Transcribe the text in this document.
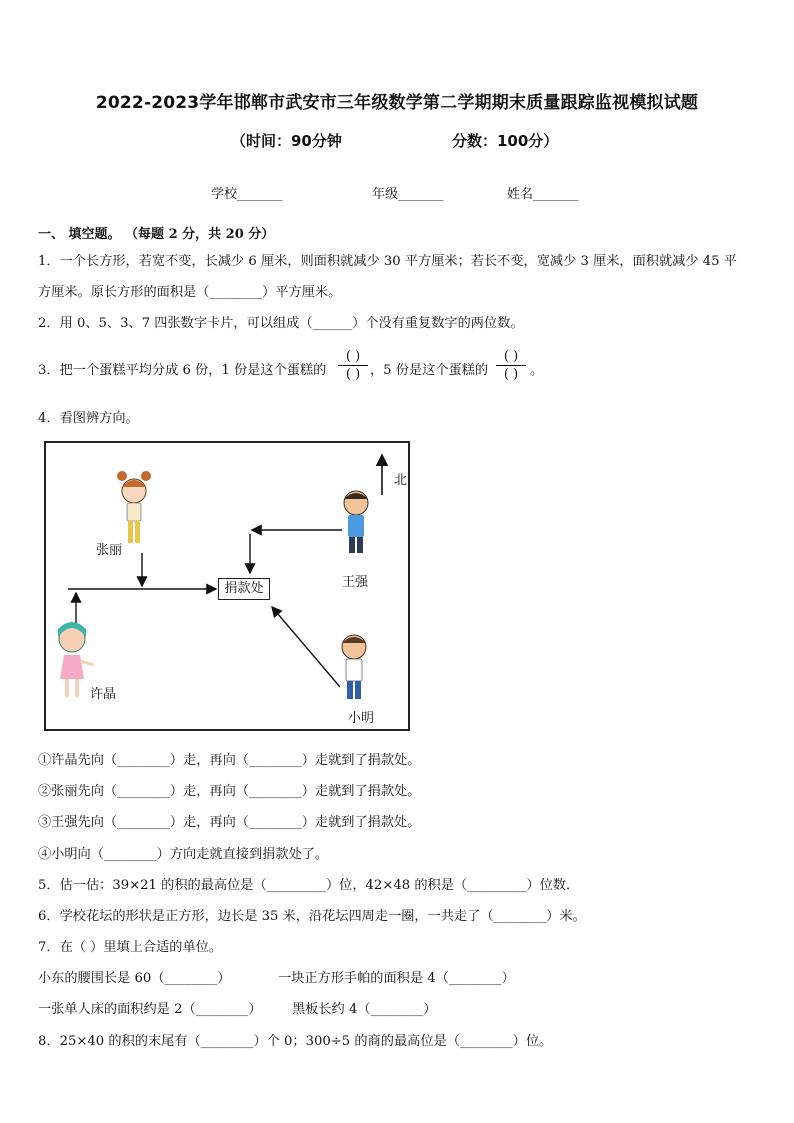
2022-2023学年邯郸市武安市三年级数学第二学期期末质量跟踪监视模拟试题
（时间：90分钟	分数：100分）
学校_______	年级_______	姓名_______
一、 填空题。 （每题 2 分，共 20 分）
1．一个长方形，若宽不变，长减少 6 厘米，则面积就减少 30 平方厘米；若长不变，宽减少 3 厘米，面积就减少 45 平
方厘米。原长方形的面积是（________）平方厘米。
2．用 0、5、3、7 四张数字卡片，可以组成（______）个没有重复数字的两位数。
3．把一个蛋糕平均分成 6 份，1 份是这个蛋糕的
( )
( ) ，5 份是这个蛋糕的
( )
( ) 。
4．看图辨方向。
北
张丽
王强
许晶
小明
捐款处
①许晶先向（________）走，再向（________）走就到了捐款处。
②张丽先向（________）走，再向（________）走就到了捐款处。
③王强先向（________）走，再向（________）走就到了捐款处。
④小明向（________）方向走就直接到捐款处了。
5．估一估：39×21 的积的最高位是（_________）位，42×48 的积是（_________）位数．
6．学校花坛的形状是正方形，边长是 35 米，沿花坛四周走一圈，一共走了（________）米。
7．在（ ）里填上合适的单位。
小东的腰围长是 60（________）	一块正方形手帕的面积是 4（________）
一张单人床的面积约是 2（________） 黑板长约 4（________）
8．25×40 的积的末尾有（________）个 0；300÷5 的商的最高位是（________）位。
